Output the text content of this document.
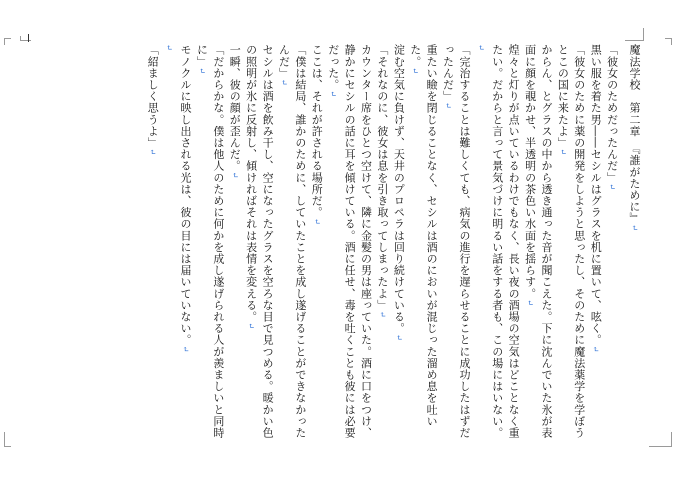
魔法学校　第二章　『誰がために』↵

「彼女のためだったんだ」↵

黒い服を着た男――セシルはグラスを机に置いて、呟く。↵

「彼女のために薬の開発をしようと思ったし、そのために魔法薬学を学ぼうとこの国に来たよ」↵

からん、とグラスの中から透き通った音が聞こえた。下に沈んでいた氷が表面に顔を覗かせ、半透明の茶色い水面を揺らす。↵

煌々と灯りが点いているわけでもなく、長い夜の酒場の空気はどことなく重たい。だからと言って景気づけに明るい話をする者も、この場にはいない。↵

「完治することは難しくても、病気の進行を遅らせることに成功したはずだったんだ」↵

重たい瞼を閉じることなく、セシルは酒のにおいが混じった溜め息を吐いた。↵

淀む空気に負けず、天井のプロペラは回り続けている。↵

「それなのに、彼女は息を引き取ってしまったよ」↵

カウンター席をひとつ空けて、隣に金髪の男は座っていた。酒に口をつけ、静かにセシルの話に耳を傾けている。酒に任せ、毒を吐くことも彼には必要だった。↵

ここは、それが許される場所だ。↵

「僕は結局、誰かのために、していたことを成し遂げることができなかったんだ」↵

セシルは酒を飲み干し、空になったグラスを空ろな目で見つめる。暖かい色の照明が氷に反射し、傾ければそれは表情を変える。↵

一瞬、彼の顔が歪んだ。↵

「だからかな。僕は他人のために何かを成し遂げられる人が羨ましいと同時に」↵

モノクルに映し出される光は、彼の目には届いていない。↵

↵

「紹ましく思うよ」↵
